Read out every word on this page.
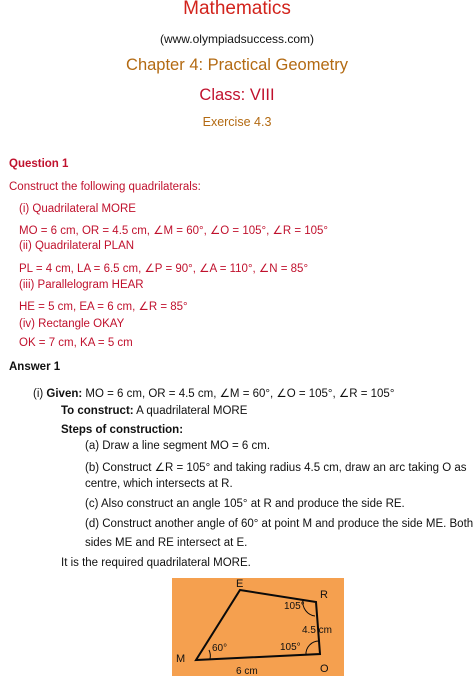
Mathematics
(www.olympiadsuccess.com)
Chapter 4: Practical Geometry
Class: VIII
Exercise 4.3
Question 1
Construct the following quadrilaterals:
(i) Quadrilateral MORE
MO = 6 cm, OR = 4.5 cm, ∠M = 60°, ∠O = 105°, ∠R = 105°
(ii) Quadrilateral PLAN
PL = 4 cm, LA = 6.5 cm, ∠P = 90°, ∠A = 110°, ∠N = 85°
(iii) Parallelogram HEAR
HE = 5 cm, EA = 6 cm, ∠R = 85°
(iv) Rectangle OKAY
OK = 7 cm, KA = 5 cm
Answer 1
(i) Given: MO = 6 cm, OR = 4.5 cm, ∠M = 60°, ∠O = 105°, ∠R = 105°
To construct: A quadrilateral MORE
Steps of construction:
(a) Draw a line segment MO = 6 cm.
(b) Construct ∠R = 105° and taking radius 4.5 cm, draw an arc taking O as
centre, which intersects at R.
(c) Also construct an angle 105° at R and produce the side RE.
(d) Construct another angle of 60° at point M and produce the side ME. Both
sides ME and RE intersect at E.
It is the required quadrilateral MORE.
E
R
M
O
105°
60°	105°
6 cm
4.5 cm
